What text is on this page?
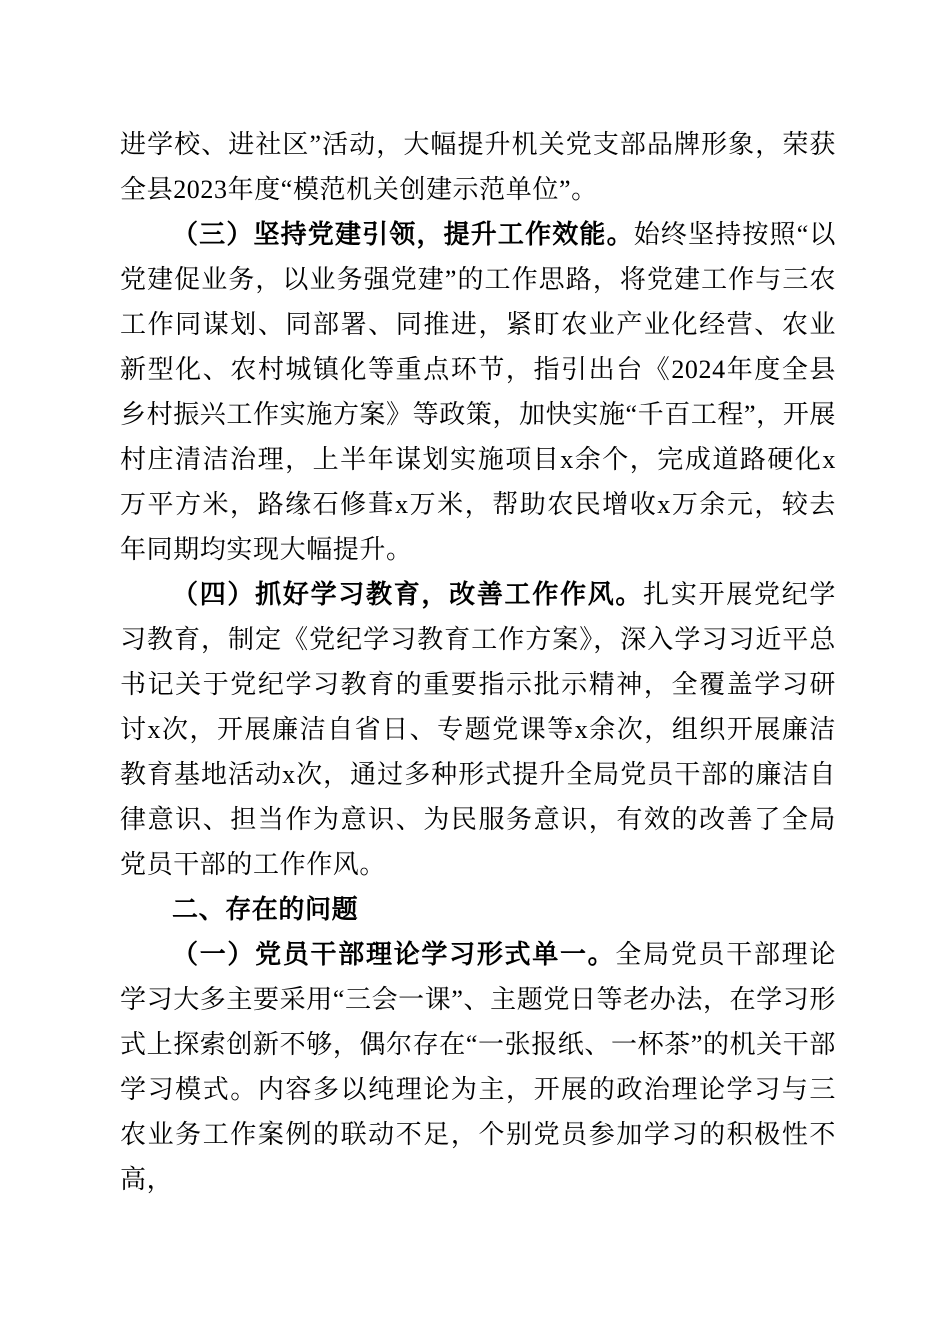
进学校、进社区”活动，大幅提升机关党支部品牌形象，荣获全县2023年度“模范机关创建示范单位”。

（三）坚持党建引领，提升工作效能。始终坚持按照“以党建促业务，以业务强党建”的工作思路，将党建工作与三农工作同谋划、同部署、同推进，紧盯农业产业化经营、农业新型化、农村城镇化等重点环节，指引出台《2024年度全县乡村振兴工作实施方案》等政策，加快实施“千百工程”，开展村庄清洁治理，上半年谋划实施项目x余个，完成道路硬化x万平方米，路缘石修葺x万米，帮助农民增收x万余元，较去年同期均实现大幅提升。

（四）抓好学习教育，改善工作作风。扎实开展党纪学习教育，制定《党纪学习教育工作方案》，深入学习习近平总书记关于党纪学习教育的重要指示批示精神，全覆盖学习研讨x次，开展廉洁自省日、专题党课等x余次，组织开展廉洁教育基地活动x次，通过多种形式提升全局党员干部的廉洁自律意识、担当作为意识、为民服务意识，有效的改善了全局党员干部的工作作风。

二、存在的问题

（一）党员干部理论学习形式单一。全局党员干部理论学习大多主要采用“三会一课”、主题党日等老办法，在学习形式上探索创新不够，偶尔存在“一张报纸、一杯茶”的机关干部学习模式。内容多以纯理论为主，开展的政治理论学习与三农业务工作案例的联动不足，个别党员参加学习的积极性不高，
